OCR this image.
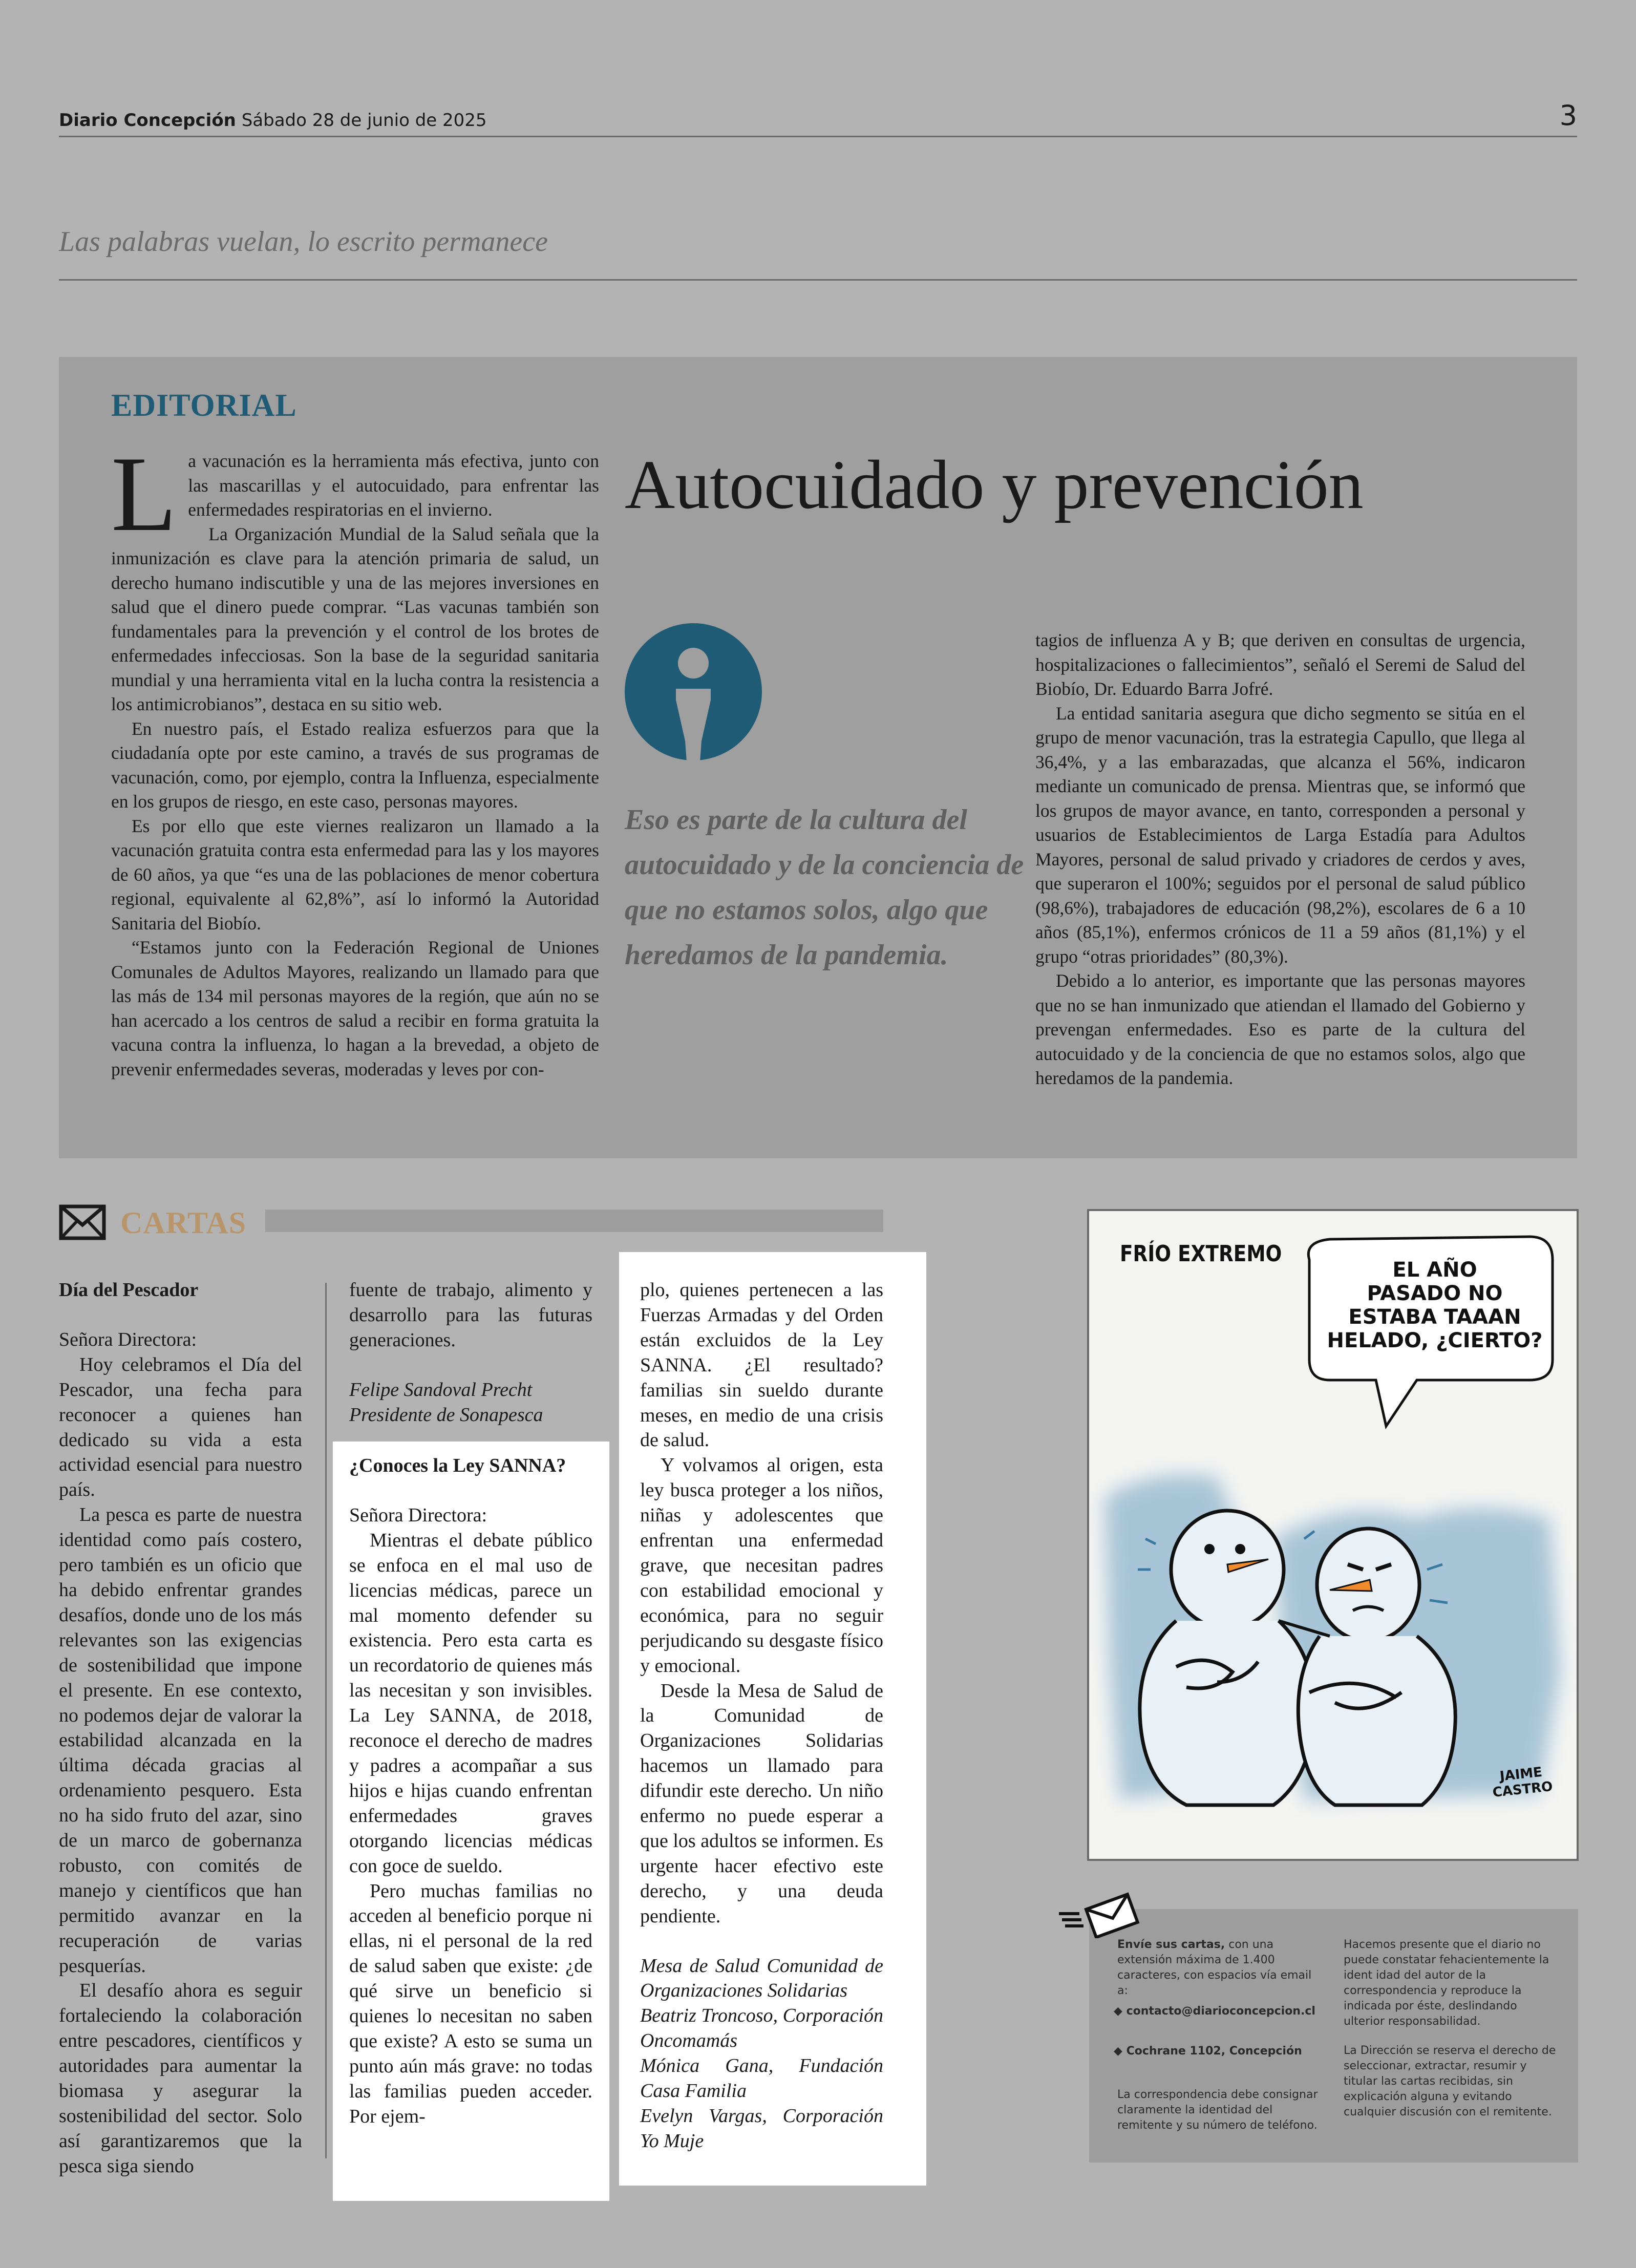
Diario Concepción Sábado 28 de junio de 2025	3
Las palabras vuelan, lo escrito permanece
EDITORIAL

L a vacunación es la herramienta más efectiva, junto con las mascarillas y el autocuidado, para enfrentar las enfermedades respiratorias en el invierno.

La Organización Mundial de la Salud señala que la inmunización es clave para la atención primaria de salud, un derecho humano indiscutible y una de las mejores inversiones en salud que el dinero puede comprar. “Las vacunas también son fundamentales para la prevención y el control de los brotes de enfermedades infecciosas. Son la base de la seguridad sanitaria mundial y una herramienta vital en la lucha contra la resistencia a los antimicrobianos”, destaca en su sitio web.

En nuestro país, el Estado realiza esfuerzos para que la ciudadanía opte por este camino, a través de sus programas de vacunación, como, por ejemplo, contra la Influenza, especialmente en los grupos de riesgo, en este caso, personas mayores.

Es por ello que este viernes realizaron un llamado a la vacunación gratuita contra esta enfermedad para las y los mayores de 60 años, ya que “es una de las poblaciones de menor cobertura regional, equivalente al 62,8%”, así lo informó la Autoridad Sanitaria del Biobío.

“Estamos junto con la Federación Regional de Uniones Comunales de Adultos Mayores, realizando un llamado para que las más de 134 mil personas mayores de la región, que aún no se han acercado a los centros de salud a recibir en forma gratuita la vacuna contra la influenza, lo hagan a la brevedad, a objeto de prevenir enfermedades severas, moderadas y leves por con-

Autocuidado y prevención
Eso es parte de la cultura del autocuidado y de la conciencia de que no estamos solos, algo que heredamos de la pandemia.

tagios de influenza A y B; que deriven en consultas de urgencia, hospitalizaciones o fallecimientos”, señaló el Seremi de Salud del Biobío, Dr. Eduardo Barra Jofré.

La entidad sanitaria asegura que dicho segmento se sitúa en el grupo de menor vacunación, tras la estrategia Capullo, que llega al 36,4%, y a las embarazadas, que alcanza el 56%, indicaron mediante un comunicado de prensa. Mientras que, se informó que los grupos de mayor avance, en tanto, corresponden a personal y usuarios de Establecimientos de Larga Estadía para Adultos Mayores, personal de salud privado y criadores de cerdos y aves, que superaron el 100%; seguidos por el personal de salud público (98,6%), trabajadores de educación (98,2%), escolares de 6 a 10 años (85,1%), enfermos crónicos de 11 a 59 años (81,1%) y el grupo “otras prioridades” (80,3%).

Debido a lo anterior, es importante que las personas mayores que no se han inmunizado que atiendan el llamado del Gobierno y prevengan enfermedades. Eso es parte de la cultura del autocuidado y de la conciencia de que no estamos solos, algo que heredamos de la pandemia.

CARTAS

Día del Pescador

Señora Directora:

Hoy celebramos el Día del Pescador, una fecha para reconocer a quienes han dedicado su vida a esta actividad esencial para nuestro país.

La pesca es parte de nuestra identidad como país costero, pero también es un oficio que ha debido enfrentar grandes desafíos, donde uno de los más relevantes son las exigencias de sostenibilidad que impone el presente. En ese contexto, no podemos dejar de valorar la estabilidad alcanzada en la última década gracias al ordenamiento pesquero. Esta no ha sido fruto del azar, sino de un marco de gobernanza robusto, con comités de manejo y científicos que han permitido avanzar en la recuperación de varias pesquerías.

El desafío ahora es seguir fortaleciendo la colaboración entre pescadores, científicos y autoridades para aumentar la biomasa y asegurar la sostenibilidad del sector. Solo así garantizaremos que la pesca siga siendo

fuente de trabajo, alimento y desarrollo para las futuras generaciones.

Felipe Sandoval Precht

Presidente de Sonapesca

¿Conoces la Ley SANNA?

Señora Directora:

Mientras el debate público se enfoca en el mal uso de licencias médicas, parece un mal momento defender su existencia. Pero esta carta es un recordatorio de quienes más las necesitan y son invisibles. La Ley SANNA, de 2018, reconoce el derecho de madres y padres a acompañar a sus hijos e hijas cuando enfrentan enfermedades graves otorgando licencias médicas con goce de sueldo.

Pero muchas familias no acceden al beneficio porque ni ellas, ni el personal de la red de salud saben que existe: ¿de qué sirve un beneficio si quienes lo necesitan no saben que existe? A esto se suma un punto aún más grave: no todas las familias pueden acceder. Por ejem-

plo, quienes pertenecen a las Fuerzas Armadas y del Orden están excluidos de la Ley SANNA. ¿El resultado? familias sin sueldo durante meses, en medio de una crisis de salud.

Y volvamos al origen, esta ley busca proteger a los niños, niñas y adolescentes que enfrentan una enfermedad grave, que necesitan padres con estabilidad emocional y económica, para no seguir perjudicando su desgaste físico y emocional.

Desde la Mesa de Salud de la Comunidad de Organizaciones Solidarias hacemos un llamado para difundir este derecho. Un niño enfermo no puede esperar a que los adultos se informen. Es urgente hacer efectivo este derecho, y una deuda pendiente.

Mesa de Salud Comunidad de Organizaciones Solidarias

Beatriz Troncoso, Corporación Oncomamás

Mónica Gana, Fundación Casa Familia

Evelyn Vargas, Corporación Yo Muje

FRÍO EXTREMO
EL AÑO
PASADO NO
ESTABA TAAAN
HELADO, ¿CIERTO?
JAIME
CASTRO
Envíe sus cartas, con una extensión máxima de 1.400 caracteres, con espacios vía email a:
◆ contacto@diarioconcepcion.cl
◆ Cochrane 1102, Concepción
La correspondencia debe consignar claramente la identidad del remitente y su número de teléfono.
Hacemos presente que el diario no puede constatar fehacientemente la ident idad del autor de la correspondencia y reproduce la indicada por éste, deslindando ulterior responsabilidad.
La Dirección se reserva el derecho de seleccionar, extractar, resumir y titular las cartas recibidas, sin explicación alguna y evitando cualquier discusión con el remitente.
